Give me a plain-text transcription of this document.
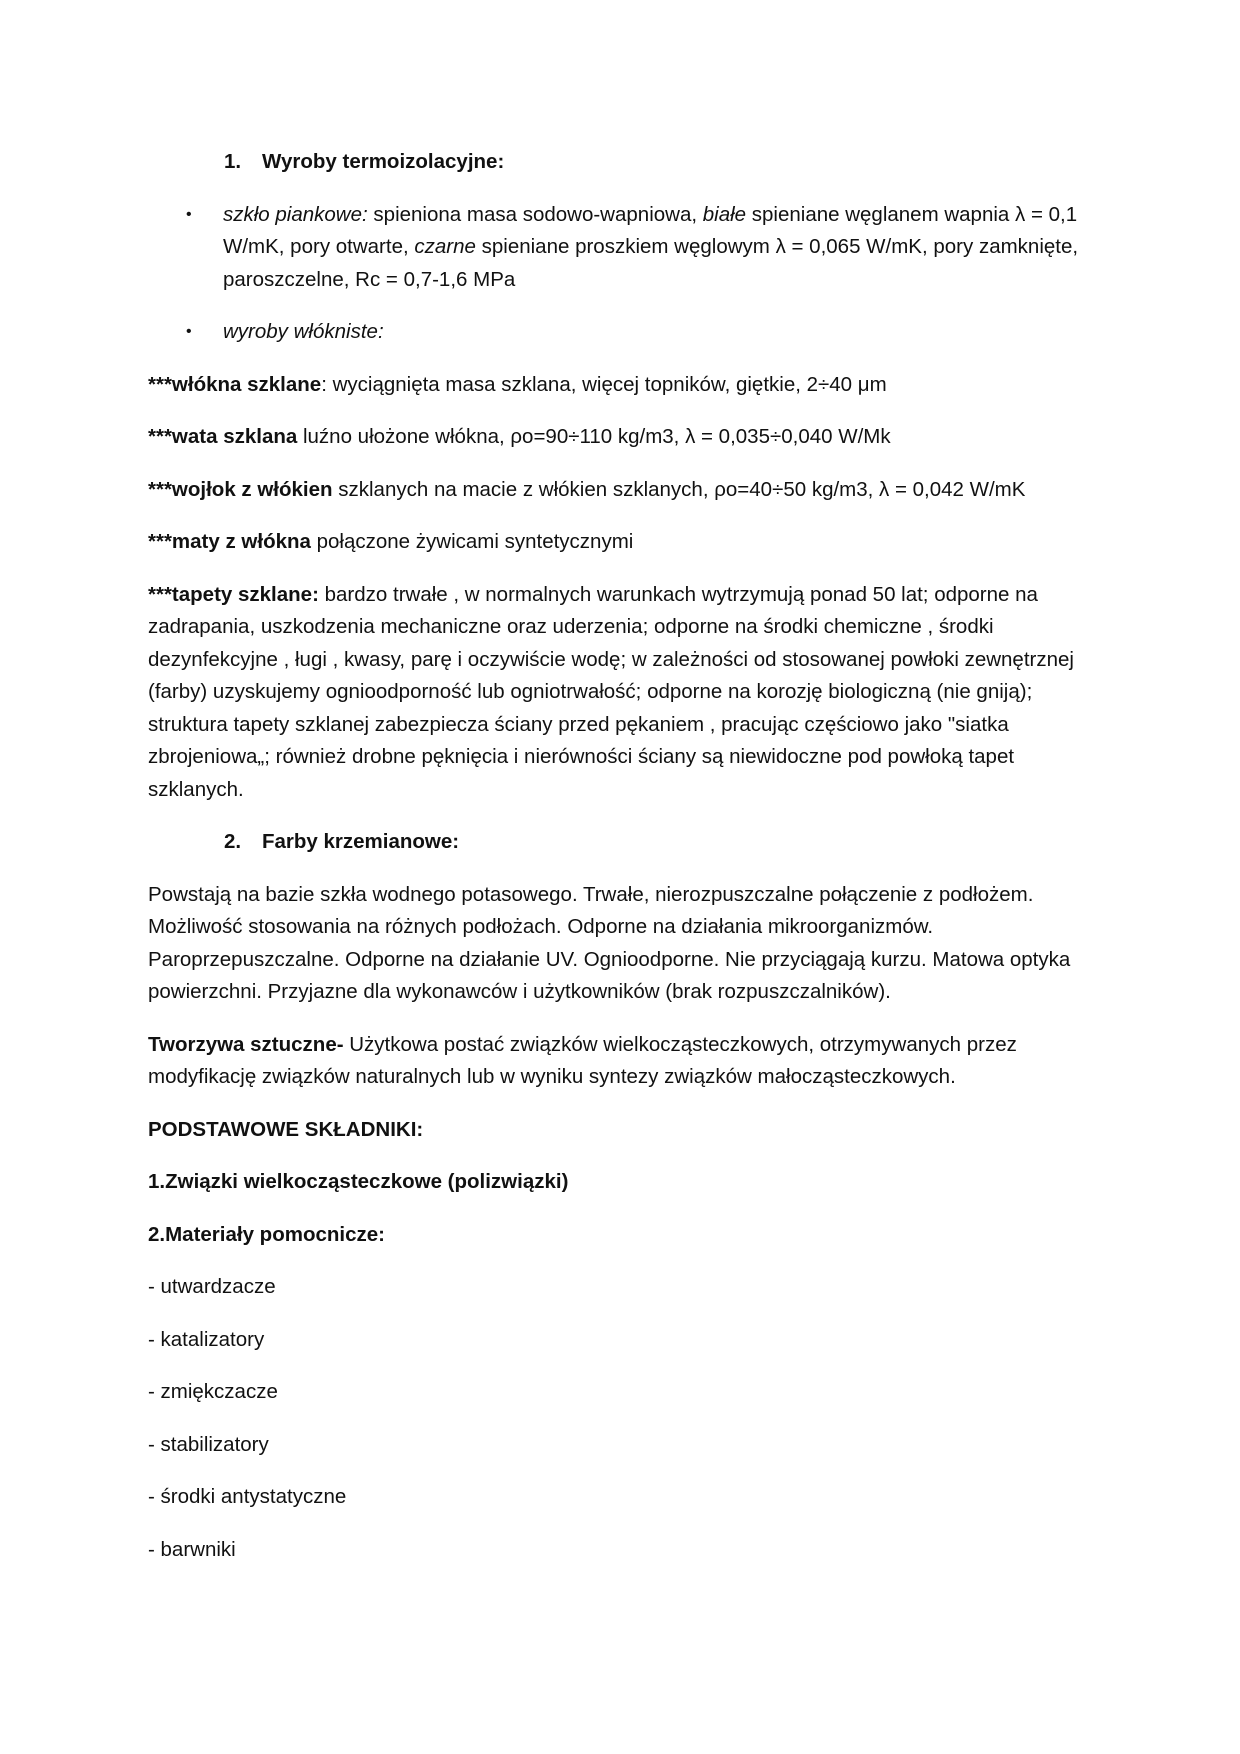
1.	Wyroby termoizolacyjne:
•	szkło piankowe: spieniona masa sodowo-wapniowa, białe spieniane węglanem wapnia λ = 0,1 W/mK, pory otwarte, czarne spieniane proszkiem węglowym λ = 0,065 W/mK, pory zamknięte, paroszczelne, Rc = 0,7-1,6 MPa
•	wyroby włókniste:

***włókna szklane: wyciągnięta masa szklana, więcej topników, giętkie, 2÷40 μm

***wata szklana luźno ułożone włókna, ρo=90÷110 kg/m3, λ = 0,035÷0,040 W/Mk

***wojłok z włókien szklanych na macie z włókien szklanych, ρo=40÷50 kg/m3, λ = 0,042 W/mK

***maty z włókna połączone żywicami syntetycznymi

***tapety szklane: bardzo trwałe , w normalnych warunkach wytrzymują ponad 50 lat; odporne na zadrapania, uszkodzenia mechaniczne oraz uderzenia; odporne na środki chemiczne , środki dezynfekcyjne , ługi , kwasy, parę i oczywiście wodę; w zależności od stosowanej powłoki zewnętrznej (farby) uzyskujemy ognioodporność lub ogniotrwałość; odporne na korozję biologiczną (nie gniją); struktura tapety szklanej zabezpiecza ściany przed pękaniem , pracując częściowo jako "siatka zbrojeniowa„; również drobne pęknięcia i nierówności ściany są niewidoczne pod powłoką tapet szklanych.

2.	Farby krzemianowe:

Powstają na bazie szkła wodnego potasowego. Trwałe, nierozpuszczalne połączenie z podłożem. Możliwość stosowania na różnych podłożach. Odporne na działania mikroorganizmów. Paroprzepuszczalne. Odporne na działanie UV. Ognioodporne. Nie przyciągają kurzu. Matowa optyka powierzchni. Przyjazne dla wykonawców i użytkowników (brak rozpuszczalników).

Tworzywa sztuczne- Użytkowa postać związków wielkocząsteczkowych, otrzymywanych przez modyfikację związków naturalnych lub w wyniku syntezy związków małocząsteczkowych.

PODSTAWOWE SKŁADNIKI:

1.Związki wielkocząsteczkowe (polizwiązki)

2.Materiały pomocnicze:

- utwardzacze

- katalizatory

- zmiękczacze

- stabilizatory

- środki antystatyczne

- barwniki
